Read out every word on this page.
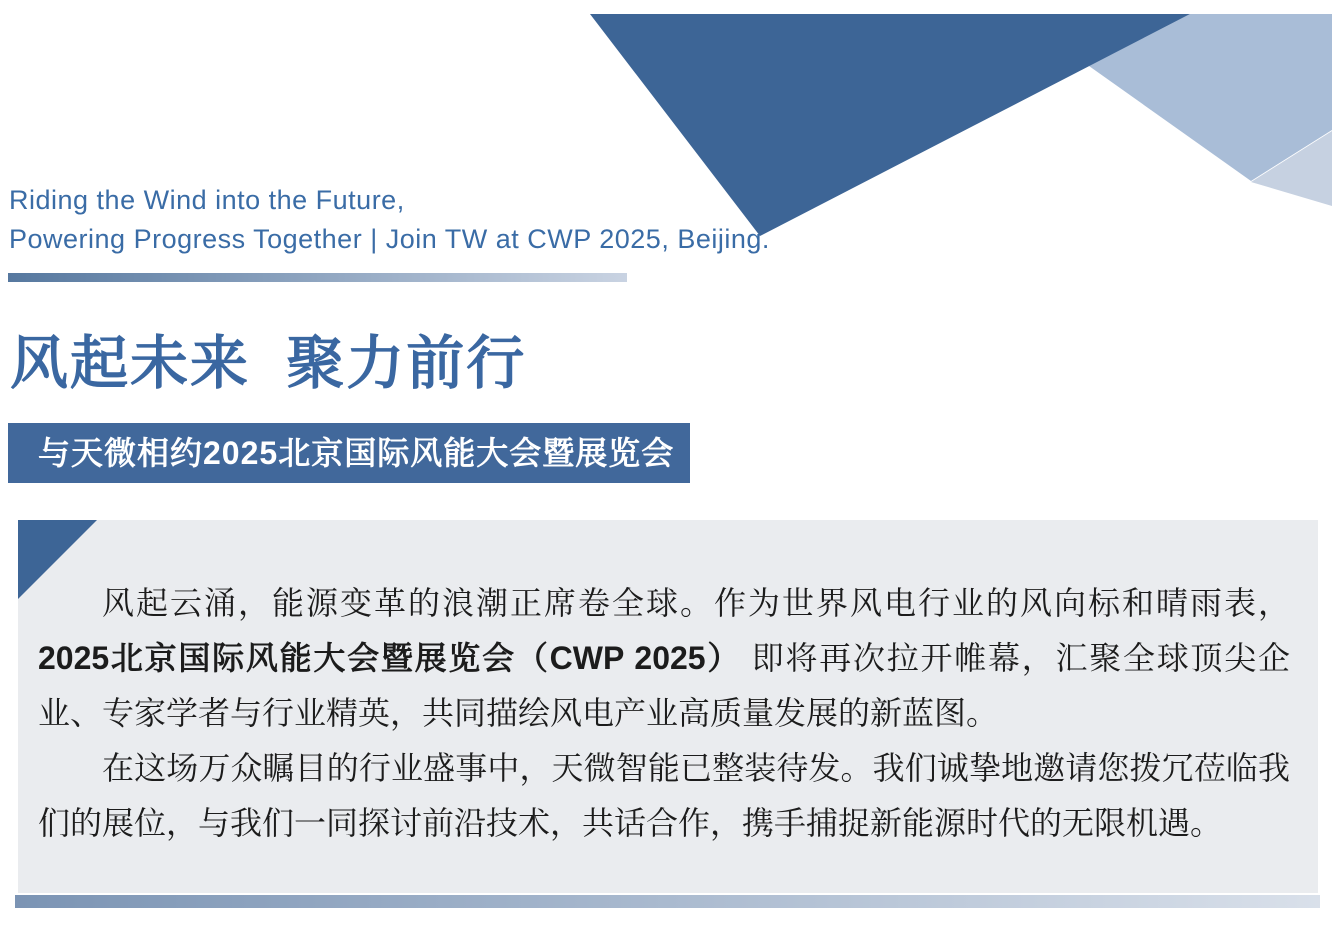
Riding the Wind into the Future,
Powering Progress Together | Join TW at CWP 2025, Beijing.
风起未来  聚力前行
与天微相约2025北京国际风能大会暨展览会

风起云涌，能源变革的浪潮正席卷全球。作为世界风电行业的风向标和晴雨表，2025北京国际风能大会暨展览会（CWP 2025） 即将再次拉开帷幕，汇聚全球顶尖企业、专家学者与行业精英，共同描绘风电产业高质量发展的新蓝图。

在这场万众瞩目的行业盛事中，天微智能已整装待发。我们诚挚地邀请您拨冗莅临我们的展位，与我们一同探讨前沿技术，共话合作，携手捕捉新能源时代的无限机遇。
